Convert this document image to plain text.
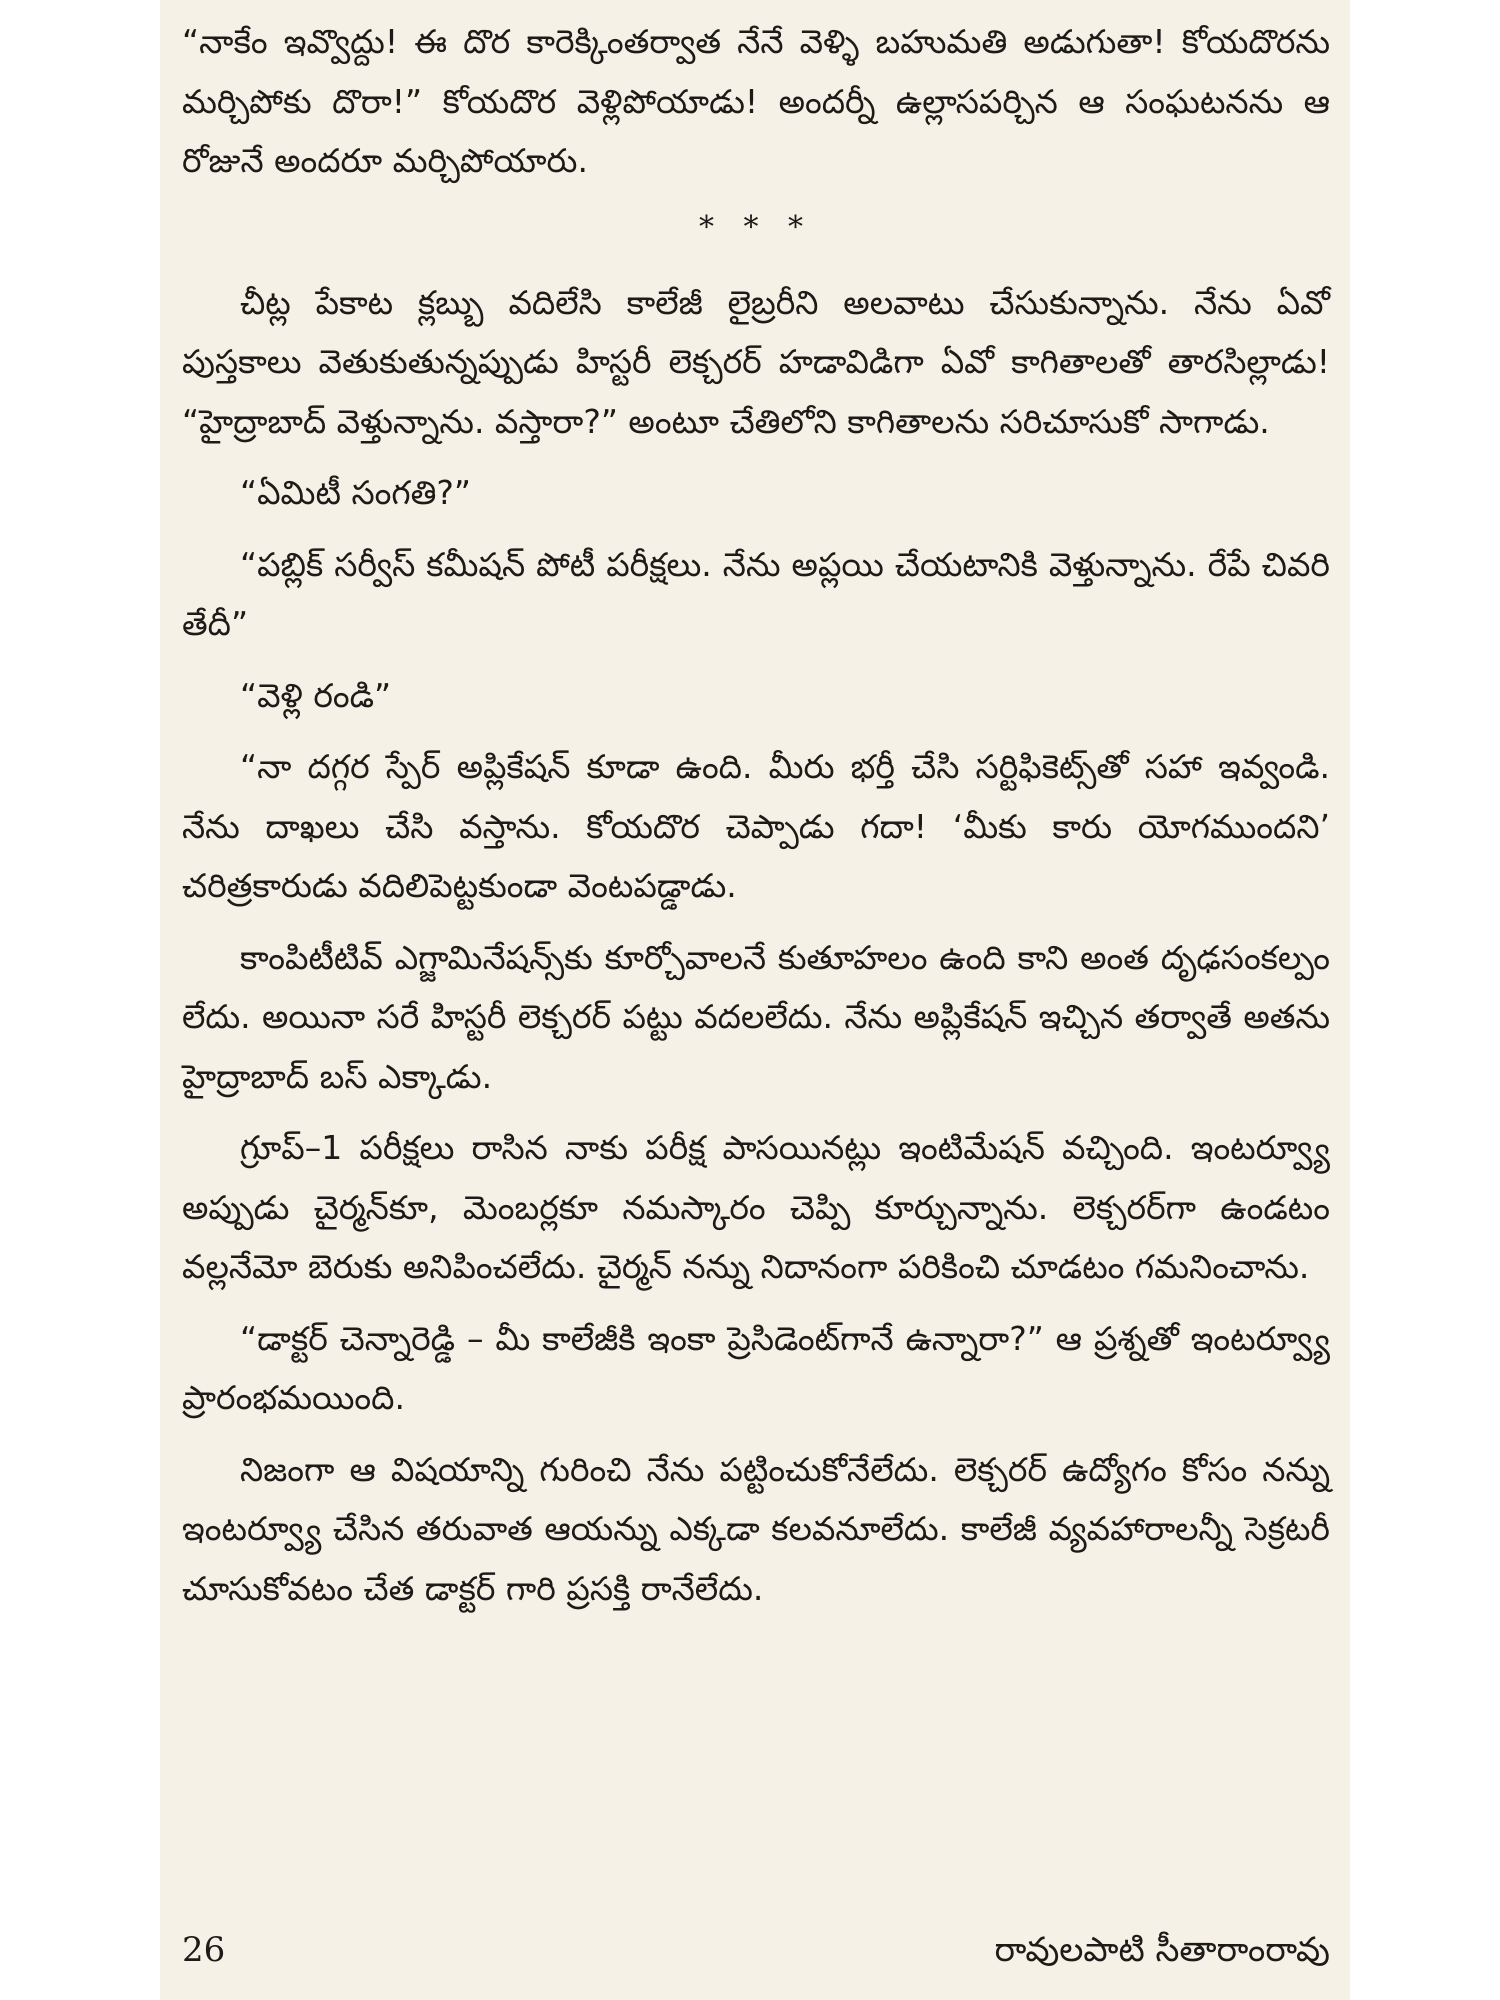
“నాకేం ఇవ్వొద్దు! ఈ దొర కారెక్కింతర్వాత నేనే వెళ్ళి బహుమతి అడుగుతా! కోయదొరను మర్చిపోకు దొరా!” కోయదొర వెళ్లిపోయాడు! అందర్నీ ఉల్లాసపర్చిన ఆ సంఘటనను ఆ రోజునే అందరూ మర్చిపోయారు.

* * *

చీట్ల పేకాట క్లబ్బు వదిలేసి కాలేజీ లైబ్రరీని అలవాటు చేసుకున్నాను. నేను ఏవో పుస్తకాలు వెతుకుతున్నప్పుడు హిస్టరీ లెక్చరర్ హడావిడిగా ఏవో కాగితాలతో తారసిల్లాడు! “హైద్రాబాద్ వెళ్తున్నాను. వస్తారా?” అంటూ చేతిలోని కాగితాలను సరిచూసుకో సాగాడు.

“ఏమిటీ సంగతి?”

“పబ్లిక్ సర్వీస్ కమీషన్ పోటీ పరీక్షలు. నేను అప్లయి చేయటానికి వెళ్తున్నాను. రేపే చివరి తేదీ”

“వెళ్లి రండి”

“నా దగ్గర స్పేర్ అప్లికేషన్ కూడా ఉంది. మీరు భర్తీ చేసి సర్టిఫికెట్స్‌తో సహా ఇవ్వండి. నేను దాఖలు చేసి వస్తాను. కోయదొర చెప్పాడు గదా! ‘మీకు కారు యోగముందని’ చరిత్రకారుడు వదిలిపెట్టకుండా వెంటపడ్డాడు.

కాంపిటీటివ్ ఎగ్జామినేషన్స్‌కు కూర్చోవాలనే కుతూహలం ఉంది కాని అంత దృఢసంకల్పం లేదు. అయినా సరే హిస్టరీ లెక్చరర్ పట్టు వదలలేదు. నేను అప్లికేషన్ ఇచ్చిన తర్వాతే అతను హైద్రాబాద్ బస్ ఎక్కాడు.

గ్రూప్–1 పరీక్షలు రాసిన నాకు పరీక్ష పాసయినట్లు ఇంటిమేషన్ వచ్చింది. ఇంటర్వ్యూ అప్పుడు చైర్మన్‌కూ, మెంబర్లకూ నమస్కారం చెప్పి కూర్చున్నాను. లెక్చరర్‌గా ఉండటం వల్లనేమో బెరుకు అనిపించలేదు. చైర్మన్ నన్ను నిదానంగా పరికించి చూడటం గమనించాను.

“డాక్టర్ చెన్నారెడ్డి – మీ కాలేజీకి ఇంకా ప్రెసిడెంట్‌గానే ఉన్నారా?” ఆ ప్రశ్నతో ఇంటర్వ్యూ ప్రారంభమయింది.

నిజంగా ఆ విషయాన్ని గురించి నేను పట్టించుకోనేలేదు. లెక్చరర్ ఉద్యోగం కోసం నన్ను ఇంటర్వ్యూ చేసిన తరువాత ఆయన్ను ఎక్కడా కలవనూలేదు. కాలేజీ వ్యవహారాలన్నీ సెక్రటరీ చూసుకోవటం చేత డాక్టర్ గారి ప్రసక్తి రానేలేదు.

26	రావులపాటి సీతారాంరావు
